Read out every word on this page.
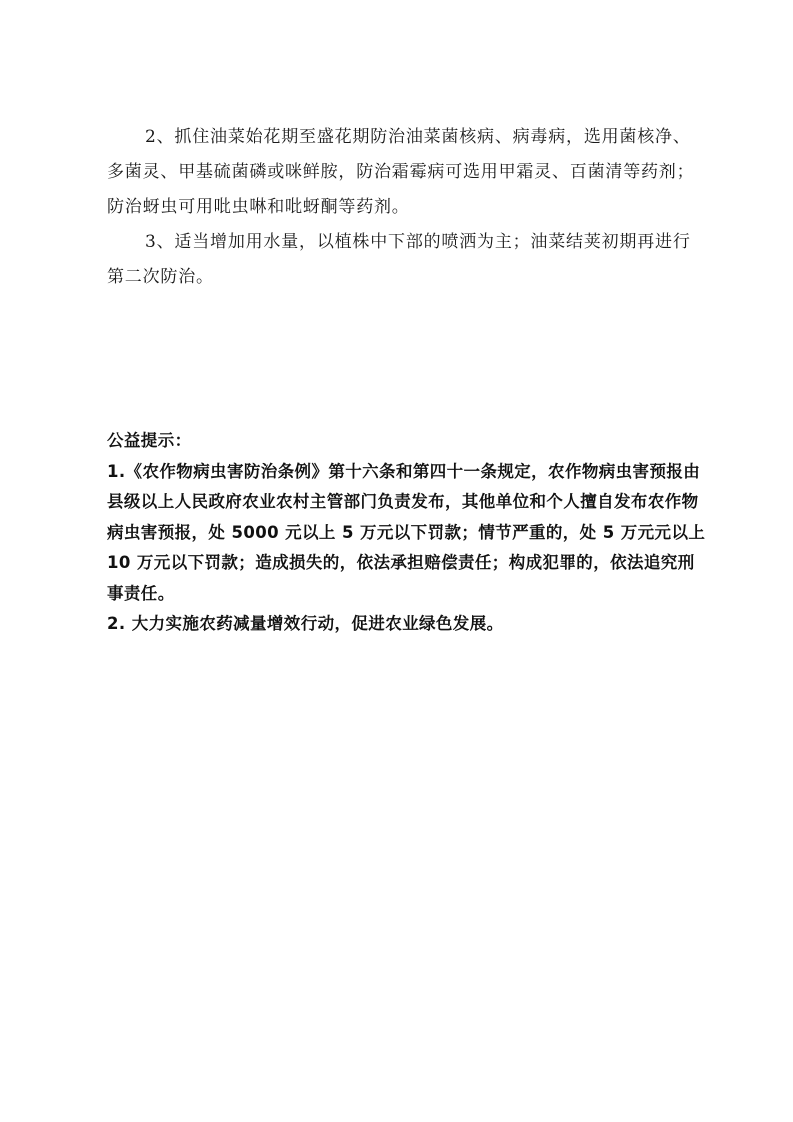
2、抓住油菜始花期至盛花期防治油菜菌核病、病毒病，选用菌核净、多菌灵、甲基硫菌磷或咪鲜胺，防治霜霉病可选用甲霜灵、百菌清等药剂；防治蚜虫可用吡虫啉和吡蚜酮等药剂。

3、适当增加用水量，以植株中下部的喷洒为主；油菜结荚初期再进行第二次防治。

公益提示：

1.《农作物病虫害防治条例》第十六条和第四十一条规定，农作物病虫害预报由县级以上人民政府农业农村主管部门负责发布，其他单位和个人擅自发布农作物病虫害预报，处 5000 元以上 5 万元以下罚款；情节严重的，处 5 万元元以上 10 万元以下罚款；造成损失的，依法承担赔偿责任；构成犯罪的，依法追究刑事责任。

2. 大力实施农药减量增效行动，促进农业绿色发展。
